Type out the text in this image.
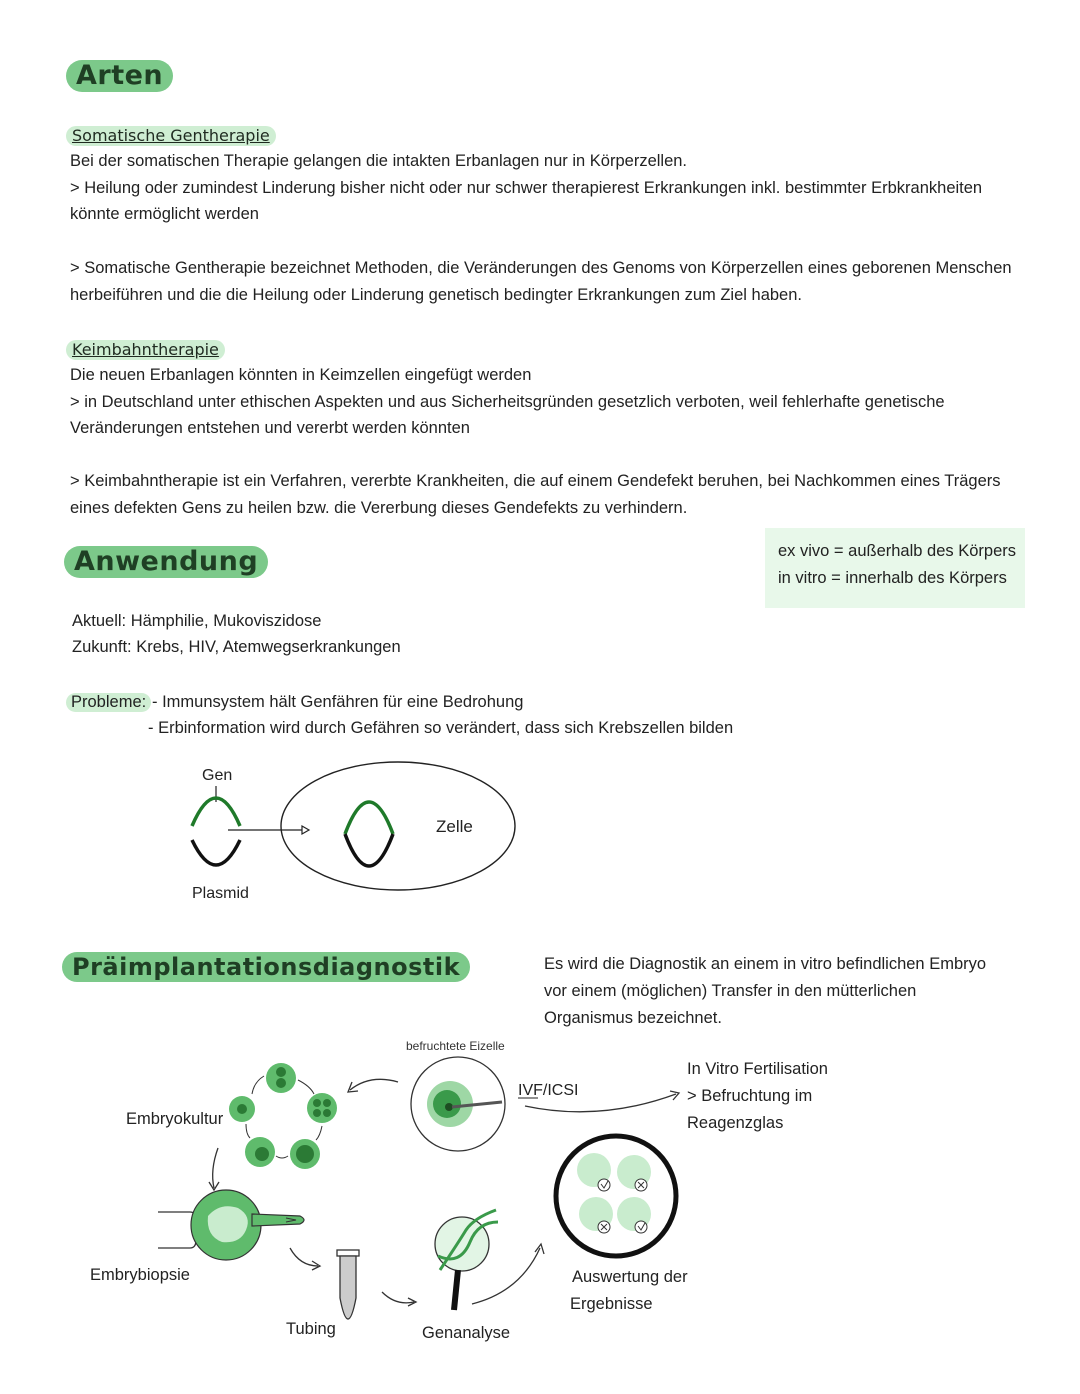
Arten
Somatische Gentherapie
Bei der somatischen Therapie gelangen die intakten Erbanlagen nur in Körperzellen.
> Heilung oder zumindest Linderung bisher nicht oder nur schwer therapierest Erkrankungen inkl. bestimmter Erbkrankheiten
könnte ermöglicht werden
> Somatische Gentherapie bezeichnet Methoden, die Veränderungen des Genoms von Körperzellen eines geborenen Menschen
herbeiführen und die die Heilung oder Linderung genetisch bedingter Erkrankungen zum Ziel haben.
Keimbahntherapie
Die neuen Erbanlagen könnten in Keimzellen eingefügt werden
> in Deutschland unter ethischen Aspekten und aus Sicherheitsgründen gesetzlich verboten, weil fehlerhafte genetische
Veränderungen entstehen und vererbt werden könnten
> Keimbahntherapie ist ein Verfahren, vererbte Krankheiten, die auf einem Gendefekt beruhen, bei Nachkommen eines Trägers
eines defekten Gens zu heilen bzw. die Vererbung dieses Gendefekts zu verhindern.
Anwendung	ex vivo = außerhalb des Körpers
in vitro = innerhalb des Körpers
Aktuell: Hämphilie, Mukoviszidose
Zukunft: Krebs, HIV, Atemwegserkrankungen
Probleme: - Immunsystem hält Genfähren für eine Bedrohung
- Erbinformation wird durch Gefähren so verändert, dass sich Krebszellen bilden
Gen
Zelle
Plasmid
Präimplantationsdiagnostik	Es wird die Diagnostik an einem in vitro befindlichen Embryo
vor einem (möglichen) Transfer in den mütterlichen
Organismus bezeichnet.
befruchtete Eizelle
IVF/ICSI
In Vitro Fertilisation
> Befruchtung im
Reagenzglas
Embryokultur
Embrybiopsie
Tubing	Genanalyse
Auswertung der
Ergebnisse
